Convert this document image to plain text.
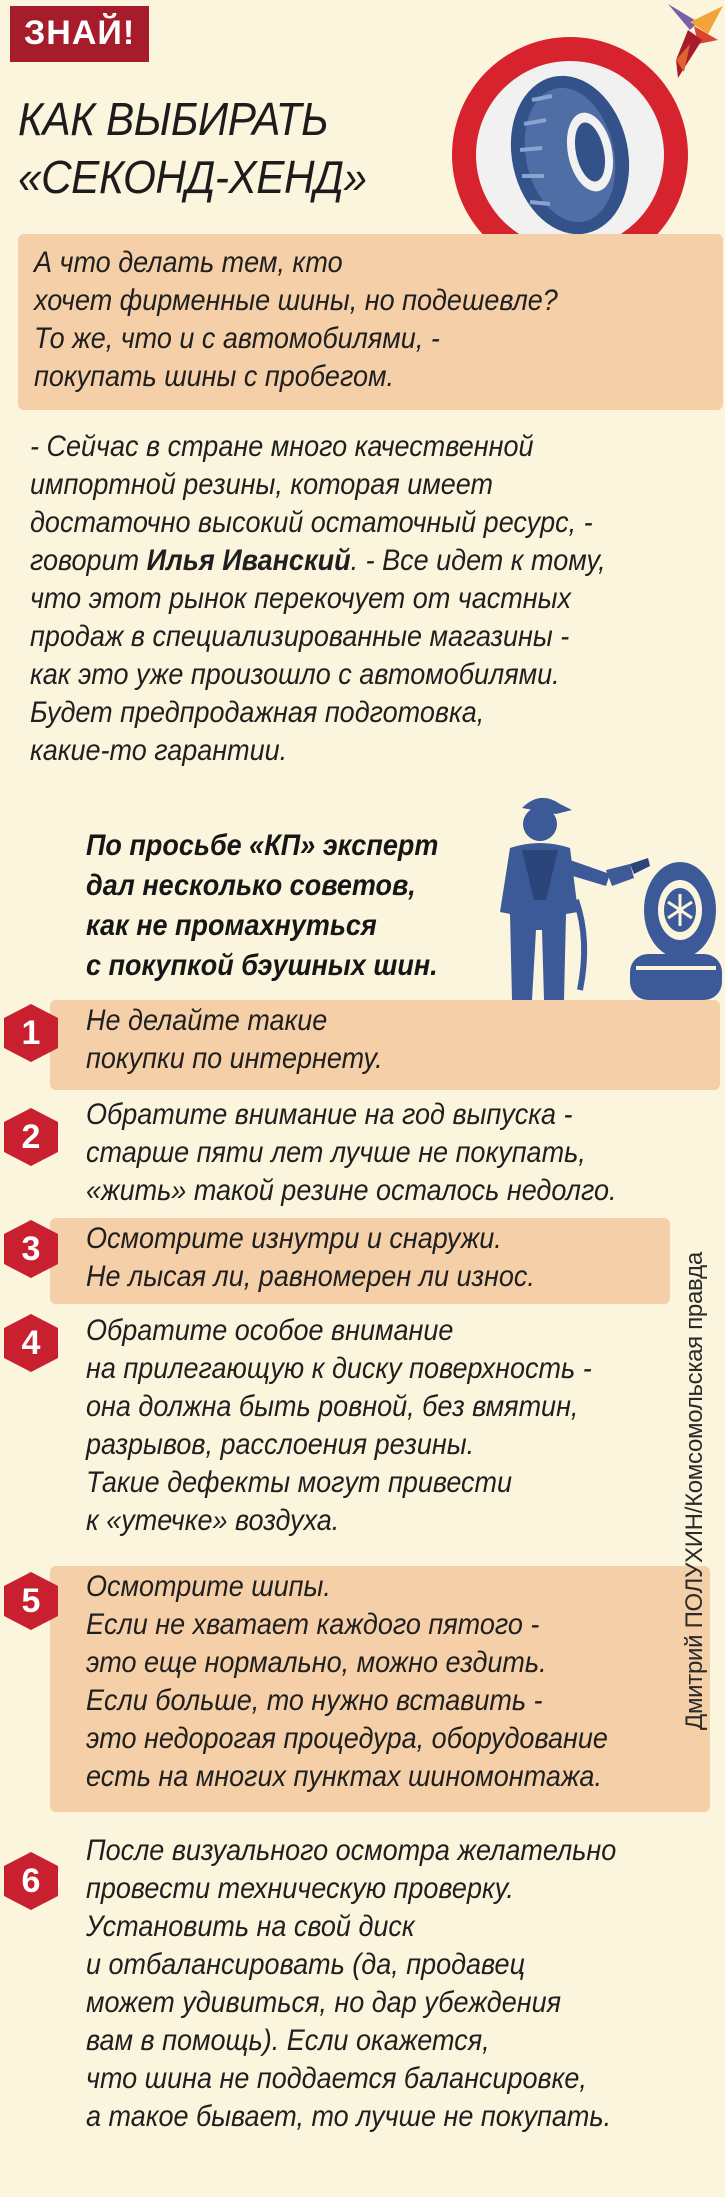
ЗНАЙ!
КАК ВЫБИРАТЬ
«СЕКОНД-ХЕНД»
А что делать тем, кто
хочет фирменные шины, но подешевле?
То же, что и с автомобилями, -
покупать шины с пробегом.
- Сейчас в стране много качественной
импортной резины, которая имеет
достаточно высокий остаточный ресурс, -
говорит Илья Иванский. - Все идет к тому,
что этот рынок перекочует от частных
продаж в специализированные магазины -
как это уже произошло с автомобилями.
Будет предпродажная подготовка,
какие-то гарантии.
По просьбе «КП» эксперт
дал несколько советов,
как не промахнуться
с покупкой бэушных шин.
1	Не делайте такие
покупки по интернету.
2
Обратите внимание на год выпуска -
старше пяти лет лучше не покупать,
«жить» такой резине осталось недолго.
3	Осмотрите изнутри и снаружи.
Не лысая ли, равномерен ли износ.
4	Обратите особое внимание
на прилегающую к диску поверхность -
она должна быть ровной, без вмятин,
разрывов, расслоения резины.
Такие дефекты могут привести
к «утечке» воздуха.
5	Осмотрите шипы.
Если не хватает каждого пятого -
это еще нормально, можно ездить.
Если больше, то нужно вставить -
это недорогая процедура, оборудование
есть на многих пунктах шиномонтажа.
6
После визуального осмотра желательно
провести техническую проверку.
Установить на свой диск
и отбалансировать (да, продавец
может удивиться, но дар убеждения
вам в помощь). Если окажется,
что шина не поддается балансировке,
а такое бывает, то лучше не покупать.
Дмитрий ПОЛУХИН/Комсомольская правда
